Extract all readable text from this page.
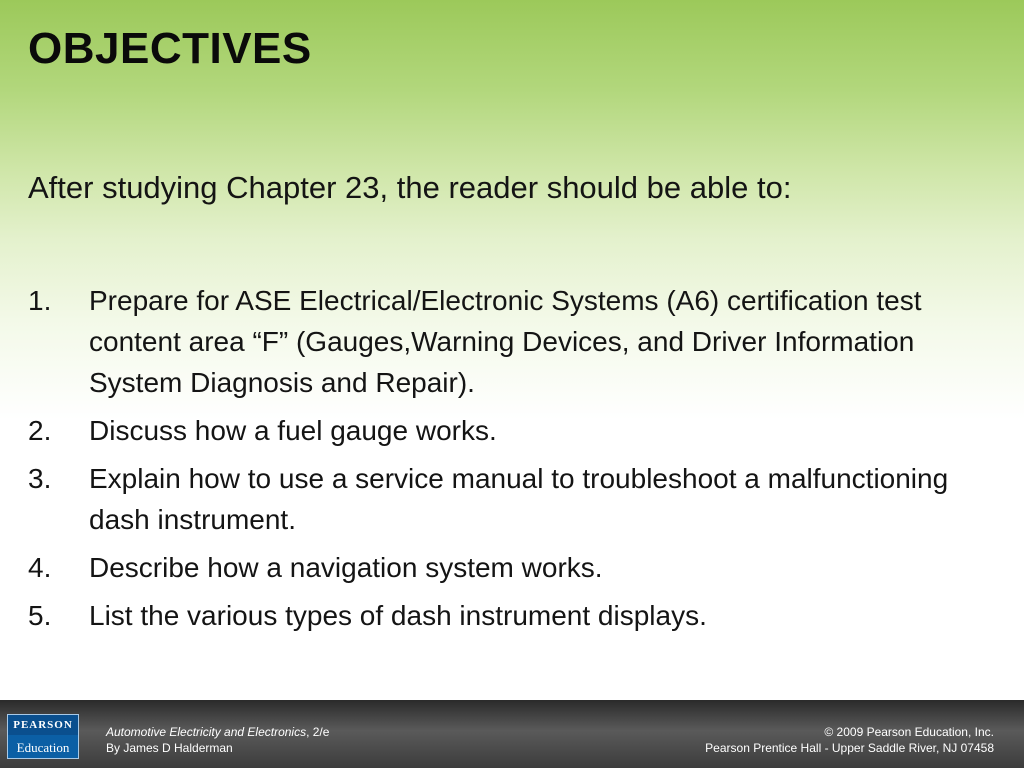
OBJECTIVES

After studying Chapter 23, the reader should be able to:

1.	Prepare for ASE Electrical/Electronic Systems (A6) certification test content area “F” (Gauges,Warning Devices, and Driver Information System Diagnosis and Repair).
2.	Discuss how a fuel gauge works.
3.	Explain how to use a service manual to troubleshoot a malfunctioning dash instrument.
4.	Describe how a navigation system works.
5.	List the various types of dash instrument displays.
PEARSON
Education
Automotive Electricity and Electronics, 2/e
By James D Halderman
© 2009 Pearson Education, Inc.
Pearson Prentice Hall - Upper Saddle River, NJ 07458
